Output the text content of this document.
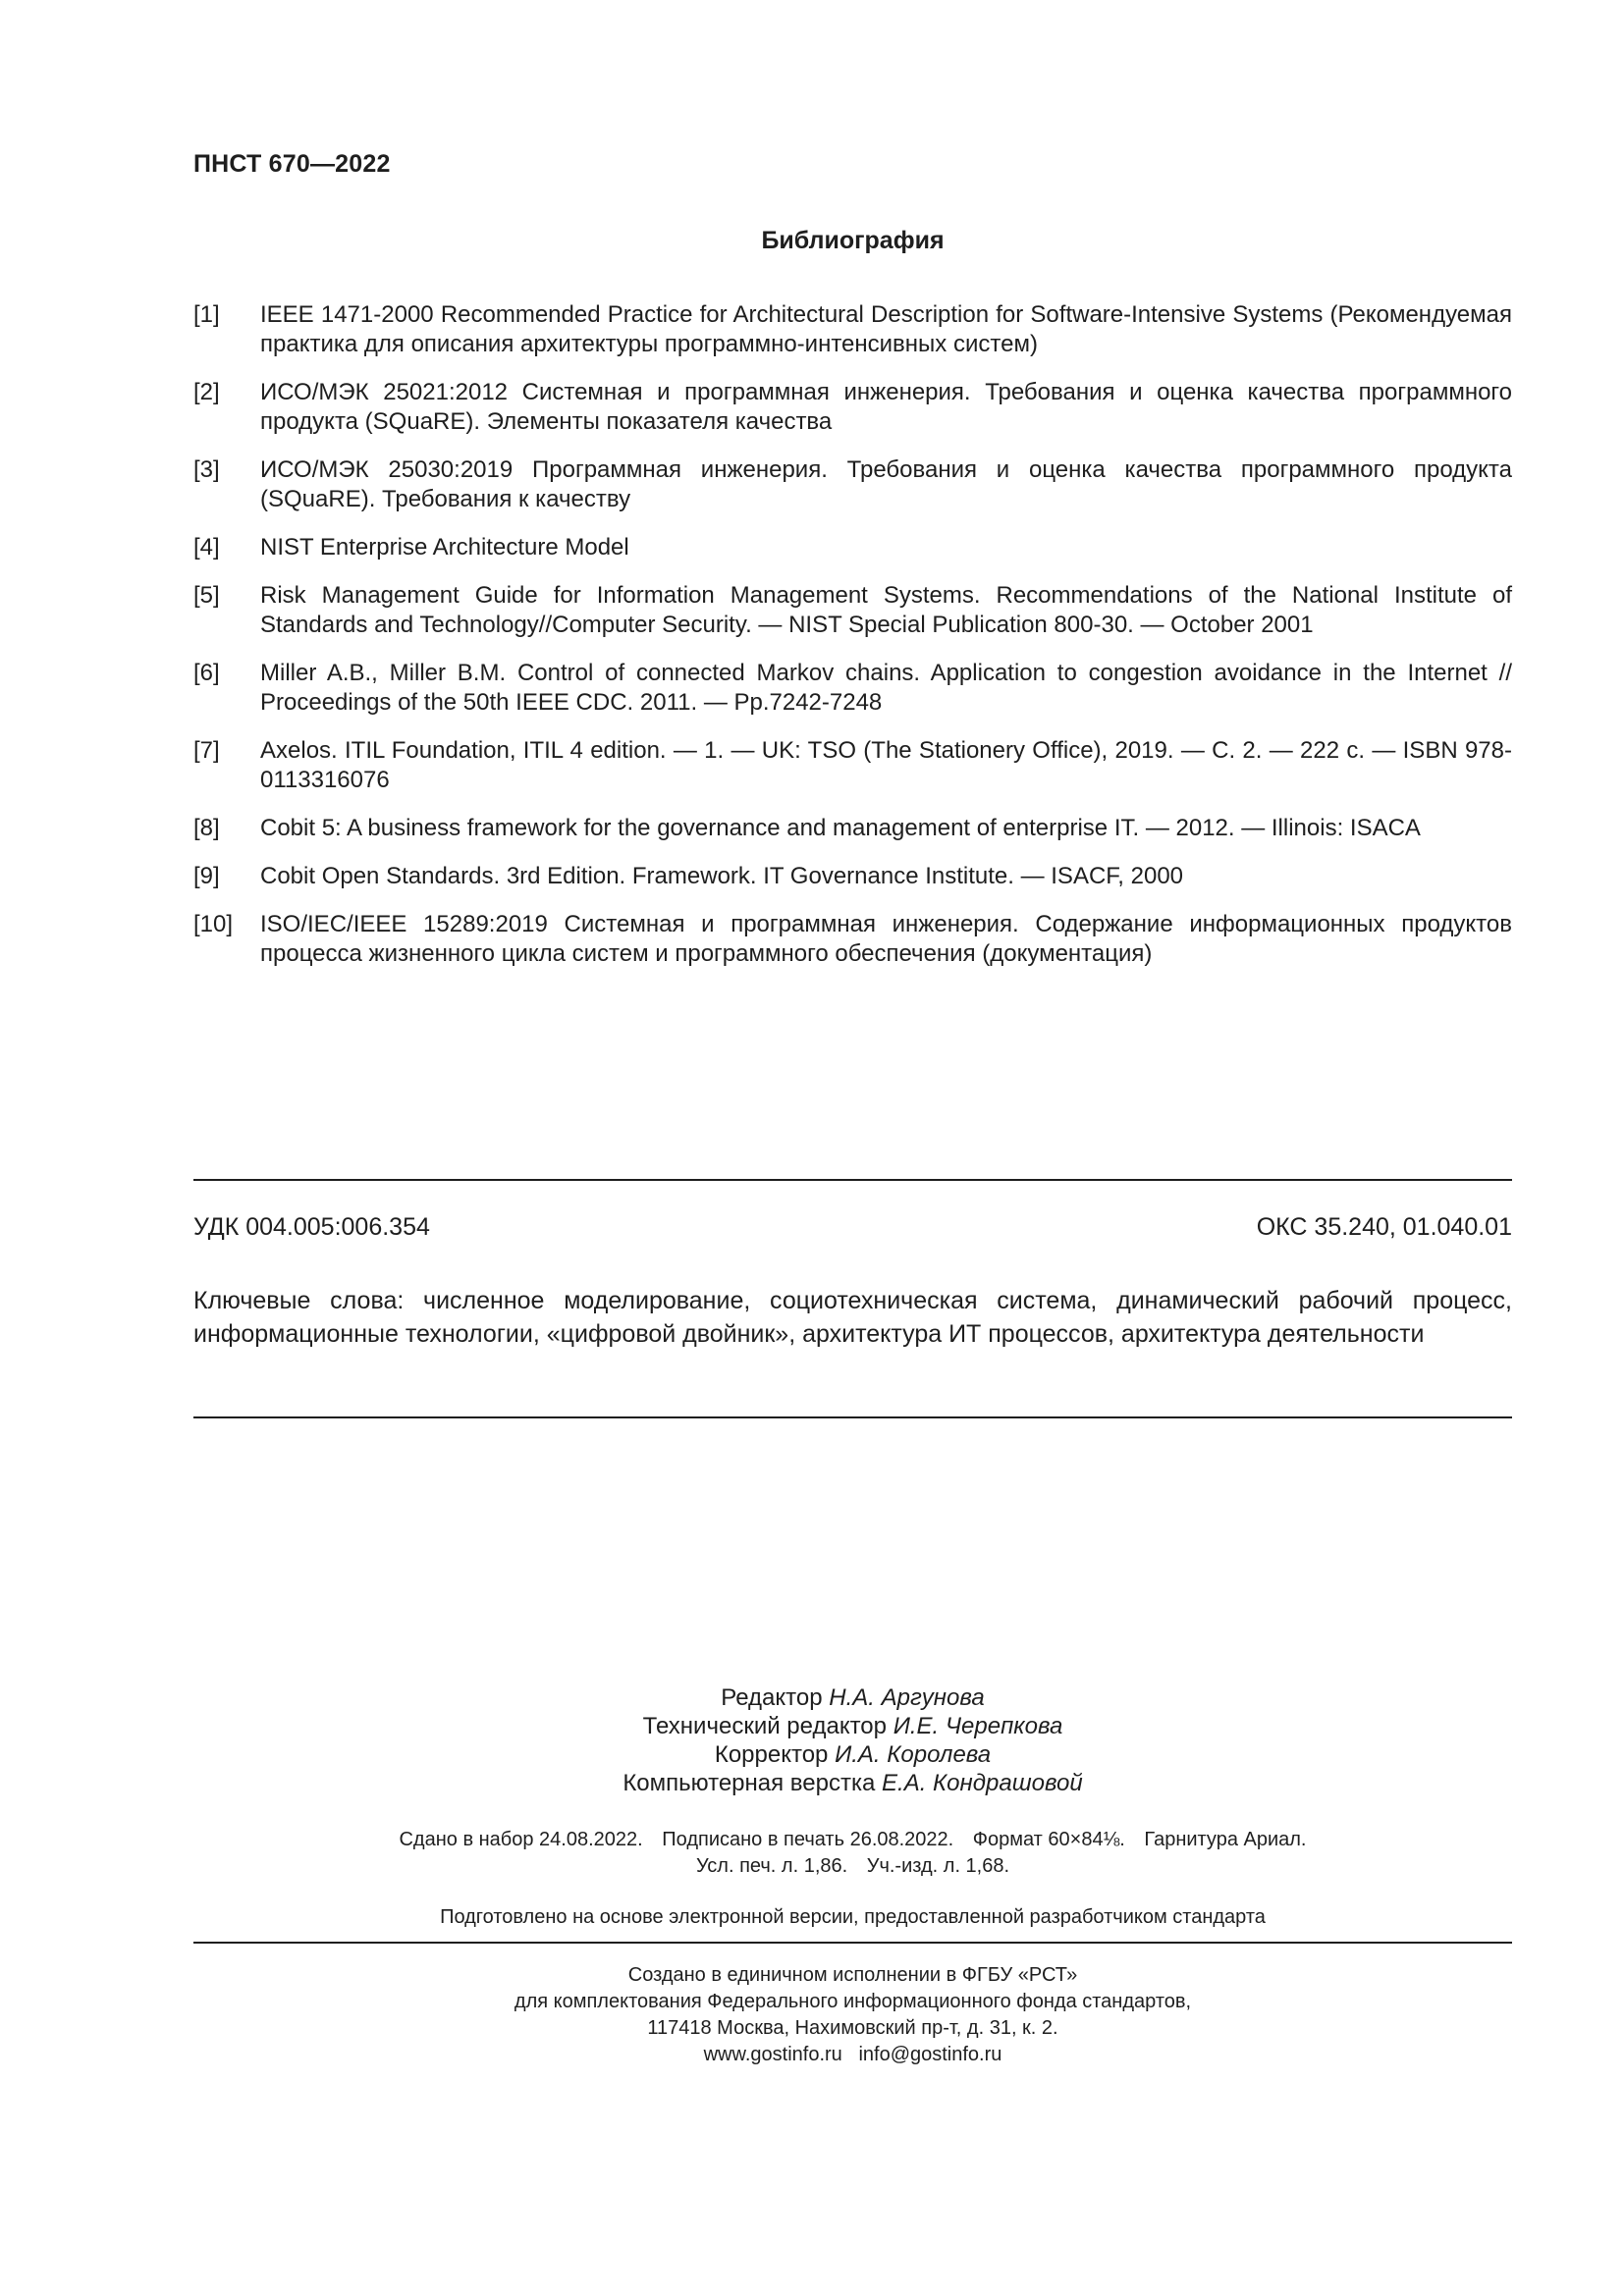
ПНСТ 670—2022
Библиография
[1] IEEE 1471-2000 Recommended Practice for Architectural Description for Software-Intensive Systems (Рекомендуемая практика для описания архитектуры программно-интенсивных систем)
[2] ИСО/МЭК 25021:2012 Системная и программная инженерия. Требования и оценка качества программного продукта (SQuaRE). Элементы показателя качества
[3] ИСО/МЭК 25030:2019 Программная инженерия. Требования и оценка качества программного продукта (SQuaRE). Требования к качеству
[4] NIST Enterprise Architecture Model
[5] Risk Management Guide for Information Management Systems. Recommendations of the National Institute of Standards and Technology//Computer Security. — NIST Special Publication 800-30. — October 2001
[6] Miller A.B., Miller B.M. Control of connected Markov chains. Application to congestion avoidance in the Internet // Proceedings of the 50th IEEE CDC. 2011. — Pp.7242-7248
[7] Axelos. ITIL Foundation, ITIL 4 edition. — 1. — UK: TSO (The Stationery Office), 2019. — С. 2. — 222 с. — ISBN 978-0113316076
[8] Cobit 5: A business framework for the governance and management of enterprise IT. — 2012. — Illinois: ISACA
[9] Cobit Open Standards. 3rd Edition. Framework. IT Governance Institute. — ISACF, 2000
[10] ISO/IEC/IEEE 15289:2019 Системная и программная инженерия. Содержание информационных продуктов процесса жизненного цикла систем и программного обеспечения (документация)
УДК 004.005:006.354	ОКС 35.240, 01.040.01
Ключевые слова: численное моделирование, социотехническая система, динамический рабочий процесс, информационные технологии, «цифровой двойник», архитектура ИТ процессов, архитектура деятельности
Редактор Н.А. Аргунова
Технический редактор И.Е. Черепкова
Корректор И.А. Королева
Компьютерная верстка Е.А. Кондрашовой
Сдано в набор 24.08.2022. Подписано в печать 26.08.2022. Формат 60×84⅛. Гарнитура Ариал.
Усл. печ. л. 1,86. Уч.-изд. л. 1,68.
Подготовлено на основе электронной версии, предоставленной разработчиком стандарта
Создано в единичном исполнении в ФГБУ «РСТ»
для комплектования Федерального информационного фонда стандартов,
117418 Москва, Нахимовский пр-т, д. 31, к. 2.
www.gostinfo.ru info@gostinfo.ru
